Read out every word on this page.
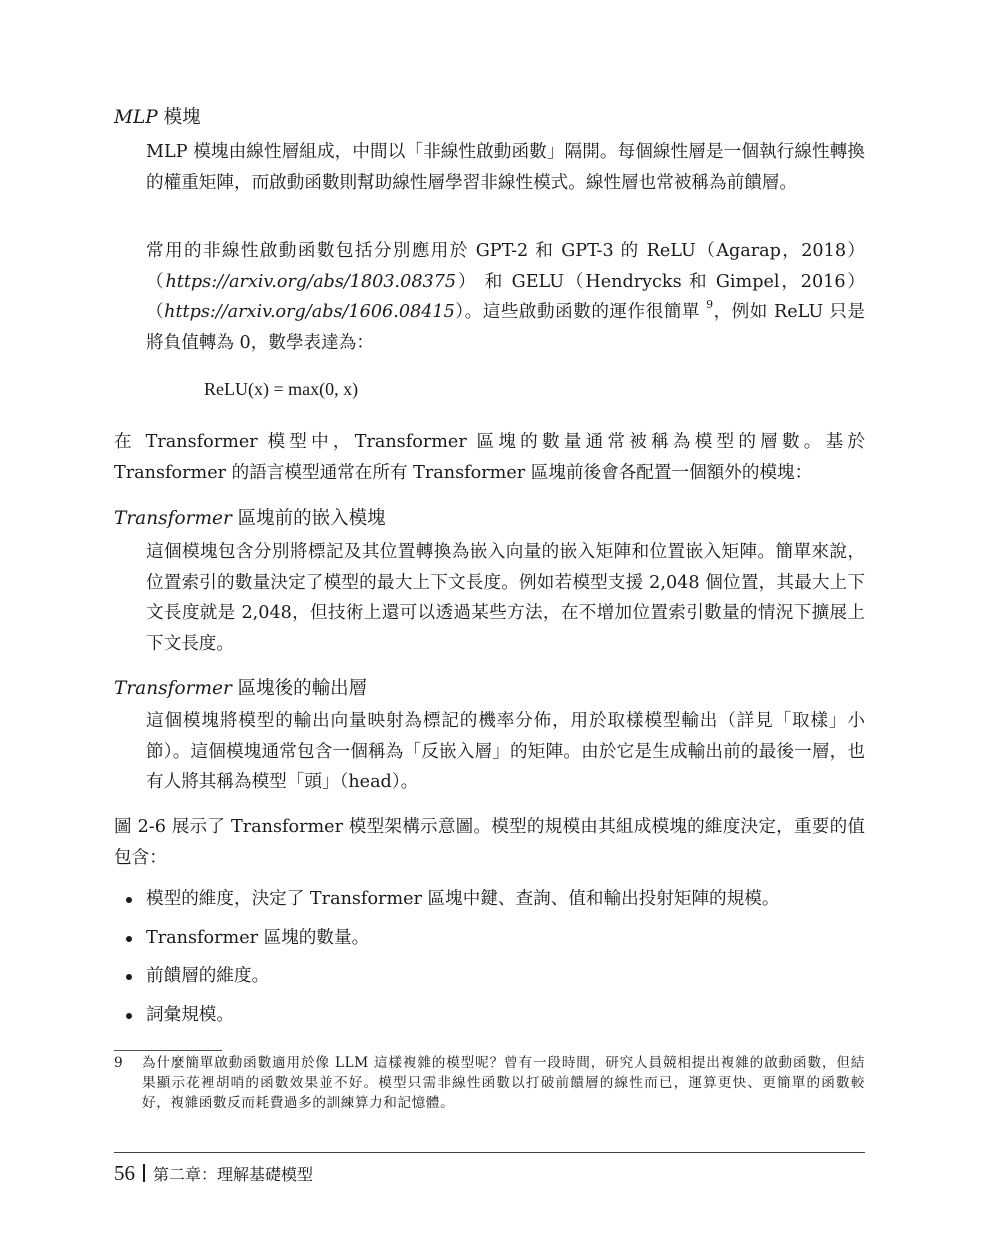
MLP 模塊
MLP 模塊由線性層組成，中間以「非線性啟動函數」隔開。每個線性層是一個執行線性轉換的權重矩陣，而啟動函數則幫助線性層學習非線性模式。線性層也常被稱為前饋層。
常用的非線性啟動函數包括分別應用於 GPT-2 和 GPT-3 的 ReLU（Agarap，2018）（https://arxiv.org/abs/1803.08375） 和 GELU（Hendrycks 和 Gimpel，2016）（https://arxiv.org/abs/1606.08415）。這些啟動函數的運作很簡單 $^9$，例如 ReLU 只是將負值轉為 0，數學表達為：
ReLU(x) = max(0, x)
在 Transformer 模型中，Transformer 區塊的數量通常被稱為模型的層數。基於 Transformer 的語言模型通常在所有 Transformer 區塊前後會各配置一個額外的模塊：
Transformer 區塊前的嵌入模塊
這個模塊包含分別將標記及其位置轉換為嵌入向量的嵌入矩陣和位置嵌入矩陣。簡單來說，位置索引的數量決定了模型的最大上下文長度。例如若模型支援 2,048 個位置，其最大上下文長度就是 2,048，但技術上還可以透過某些方法，在不增加位置索引數量的情況下擴展上下文長度。
Transformer 區塊後的輸出層
這個模塊將模型的輸出向量映射為標記的機率分佈，用於取樣模型輸出（詳見「取樣」小節）。這個模塊通常包含一個稱為「反嵌入層」的矩陣。由於它是生成輸出前的最後一層，也有人將其稱為模型「頭」（head）。
圖 2-6 展示了 Transformer 模型架構示意圖。模型的規模由其組成模塊的維度決定，重要的值包含：
模型的維度，決定了 Transformer 區塊中鍵、查詢、值和輸出投射矩陣的規模。
Transformer 區塊的數量。
前饋層的維度。
詞彙規模。
9 為什麼簡單啟動函數適用於像 LLM 這樣複雜的模型呢？曾有一段時間，研究人員競相提出複雜的啟動函數，但結果顯示花裡胡哨的函數效果並不好。模型只需非線性函數以打破前饋層的線性而已，運算更快、更簡單的函數較好，複雜函數反而耗費過多的訓練算力和記憶體。
56 第二章：理解基礎模型
